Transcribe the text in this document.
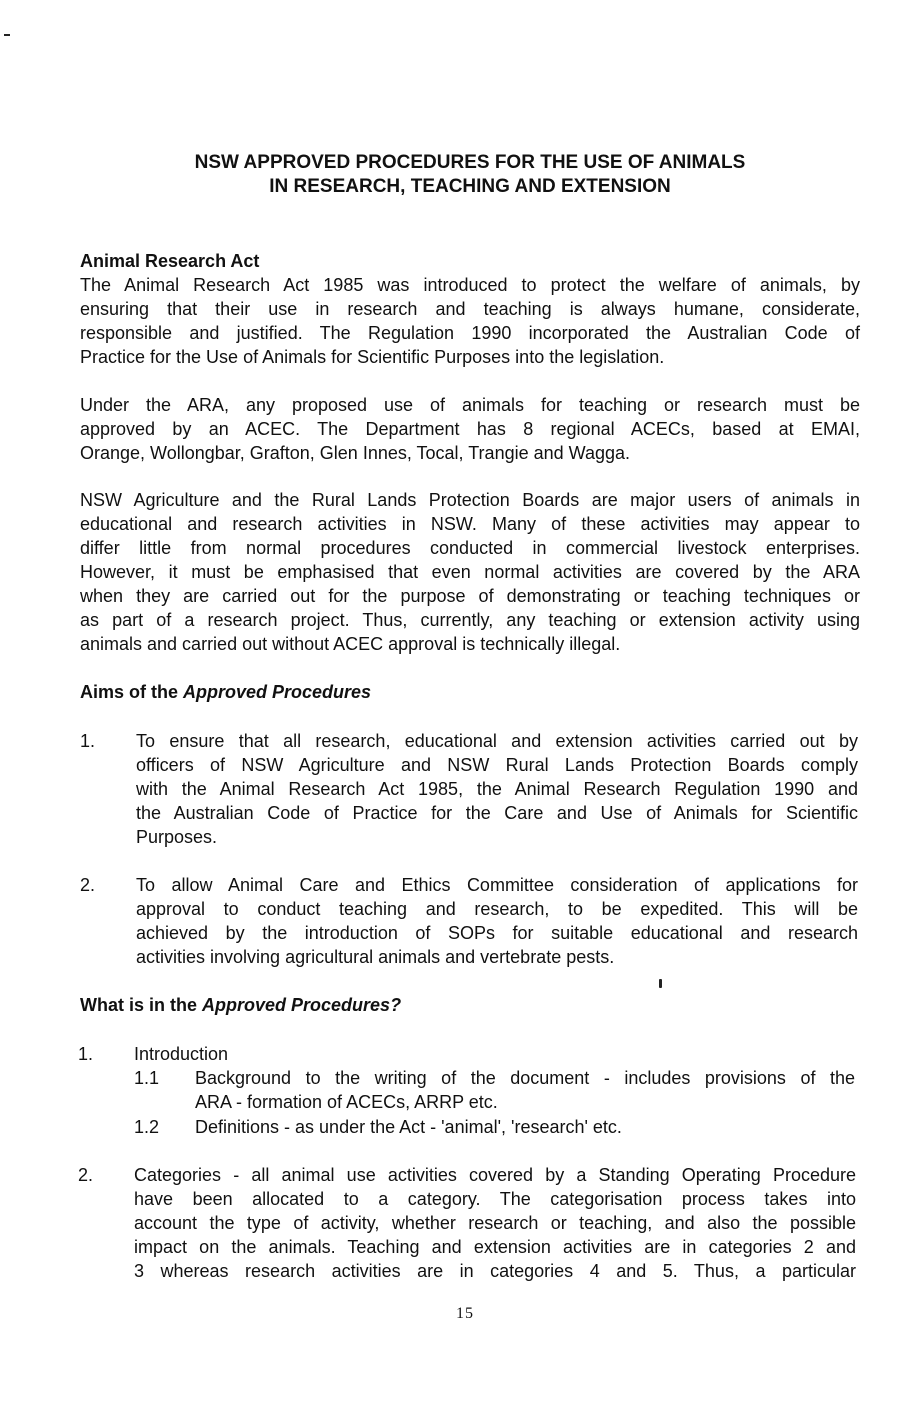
NSW APPROVED PROCEDURES FOR THE USE OF ANIMALS
IN RESEARCH, TEACHING AND EXTENSION
Animal Research Act
The Animal Research Act 1985 was introduced to protect the welfare of animals, by
ensuring that their use in research and teaching is always humane, considerate,
responsible and justified. The Regulation 1990 incorporated the Australian Code of
Practice for the Use of Animals for Scientific Purposes into the legislation.
Under the ARA, any proposed use of animals for teaching or research must be
approved by an ACEC. The Department has 8 regional ACECs, based at EMAI,
Orange, Wollongbar, Grafton, Glen Innes, Tocal, Trangie and Wagga.
NSW Agriculture and the Rural Lands Protection Boards are major users of animals in
educational and research activities in NSW. Many of these activities may appear to
differ little from normal procedures conducted in commercial livestock enterprises.
However, it must be emphasised that even normal activities are covered by the ARA
when they are carried out for the purpose of demonstrating or teaching techniques or
as part of a research project. Thus, currently, any teaching or extension activity using
animals and carried out without ACEC approval is technically illegal.
Aims of the Approved Procedures
1. To ensure that all research, educational and extension activities carried out by
officers of NSW Agriculture and NSW Rural Lands Protection Boards comply
with the Animal Research Act 1985, the Animal Research Regulation 1990 and
the Australian Code of Practice for the Care and Use of Animals for Scientific
Purposes.
2. To allow Animal Care and Ethics Committee consideration of applications for
approval to conduct teaching and research, to be expedited. This will be
achieved by the introduction of SOPs for suitable educational and research
activities involving agricultural animals and vertebrate pests.
What is in the Approved Procedures?
1. Introduction
1.1 Background to the writing of the document - includes provisions of the
ARA - formation of ACECs, ARRP etc.
1.2 Definitions - as under the Act - 'animal', 'research' etc.
2. Categories - all animal use activities covered by a Standing Operating Procedure
have been allocated to a category. The categorisation process takes into
account the type of activity, whether research or teaching, and also the possible
impact on the animals. Teaching and extension activities are in categories 2 and
3 whereas research activities are in categories 4 and 5. Thus, a particular
15
